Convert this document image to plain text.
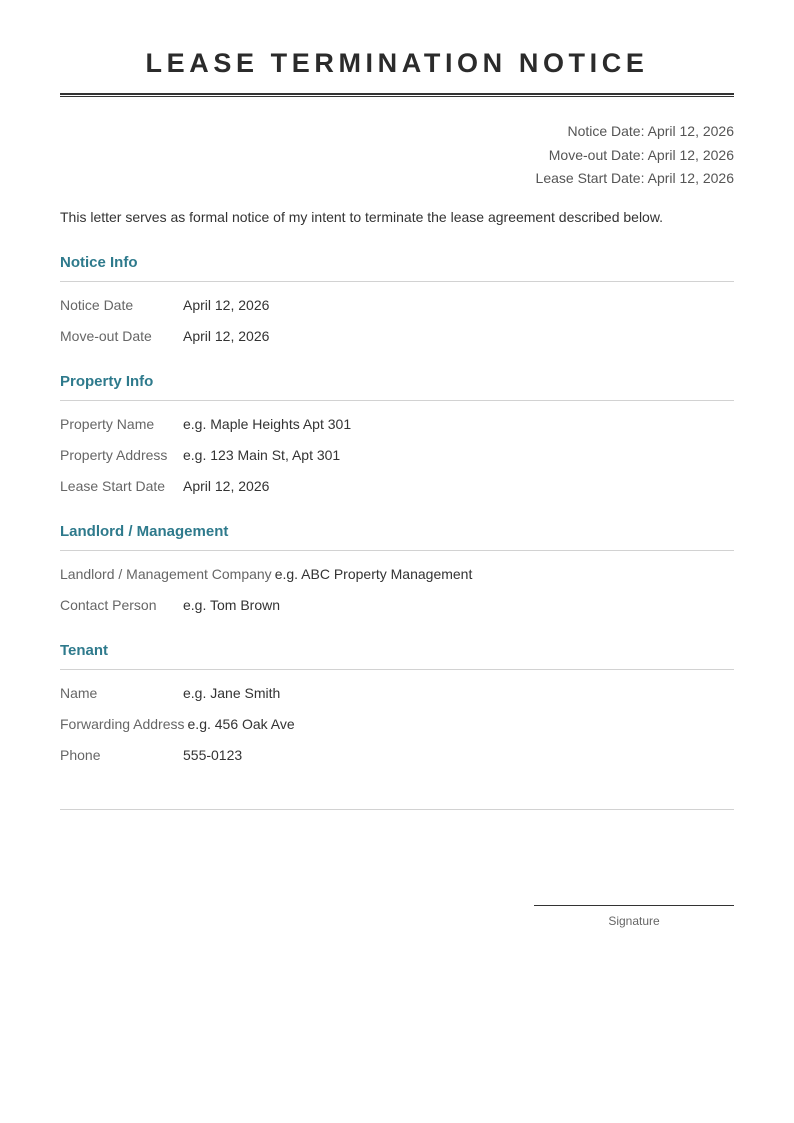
LEASE TERMINATION NOTICE
Notice Date: April 12, 2026
Move-out Date: April 12, 2026
Lease Start Date: April 12, 2026
This letter serves as formal notice of my intent to terminate the lease agreement described below.
Notice Info
Notice Date	April 12, 2026
Move-out Date	April 12, 2026
Property Info
Property Name	e.g. Maple Heights Apt 301
Property Address	e.g. 123 Main St, Apt 301
Lease Start Date	April 12, 2026
Landlord / Management
Landlord / Management Company e.g. ABC Property Management
Contact Person	e.g. Tom Brown
Tenant
Name	e.g. Jane Smith
Forwarding Address e.g. 456 Oak Ave
Phone	555-0123
Signature
